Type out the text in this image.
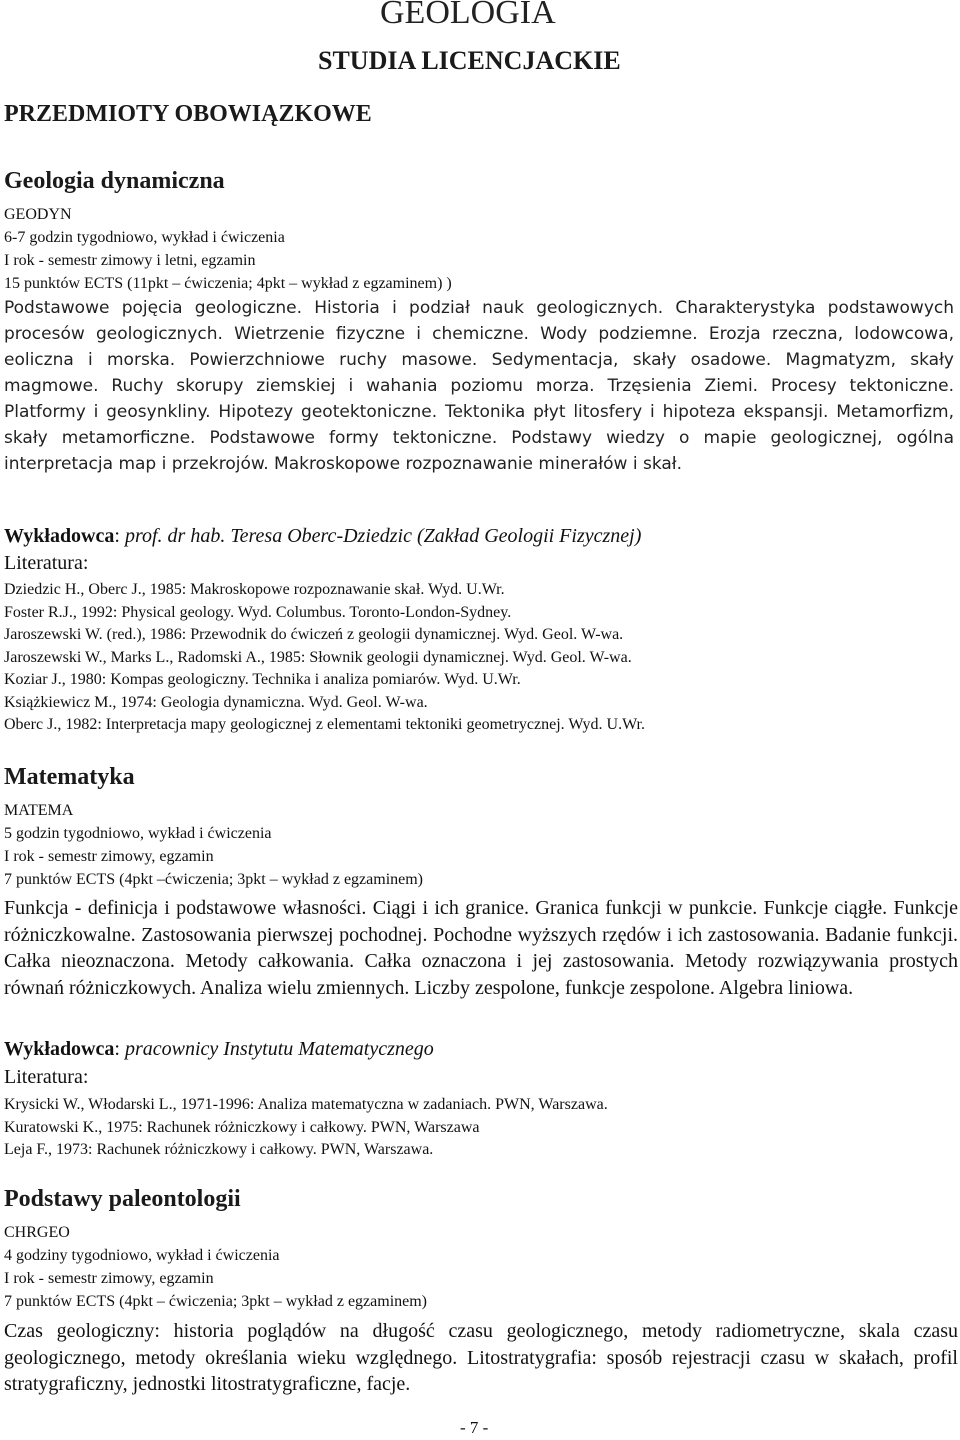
GEOLOGIA
STUDIA LICENCJACKIE
PRZEDMIOTY OBOWIĄZKOWE
Geologia dynamiczna
GEODYN
6-7 godzin tygodniowo, wykład i ćwiczenia
I rok - semestr zimowy i letni, egzamin
15 punktów ECTS (11pkt – ćwiczenia; 4pkt – wykład z egzaminem) )
Podstawowe pojęcia geologiczne. Historia i podział nauk geologicznych. Charakterystyka podstawowych procesów geologicznych. Wietrzenie fizyczne i chemiczne. Wody podziemne. Erozja rzeczna, lodowcowa, eoliczna i morska. Powierzchniowe ruchy masowe. Sedymentacja, skały osadowe. Magmatyzm, skały magmowe. Ruchy skorupy ziemskiej i wahania poziomu morza. Trzęsienia Ziemi. Procesy tektoniczne. Platformy i geosynkliny. Hipotezy geotektoniczne. Tektonika płyt litosfery i hipoteza ekspansji. Metamorfizm, skały metamorficzne. Podstawowe formy tektoniczne. Podstawy wiedzy o mapie geologicznej, ogólna interpretacja map i przekrojów. Makroskopowe rozpoznawanie minerałów i skał.
Wykładowca: prof. dr hab. Teresa Oberc-Dziedzic (Zakład Geologii Fizycznej)
Literatura:
Dziedzic H., Oberc J., 1985: Makroskopowe rozpoznawanie skał. Wyd. U.Wr.
Foster R.J., 1992: Physical geology. Wyd. Columbus. Toronto-London-Sydney.
Jaroszewski W. (red.), 1986: Przewodnik do ćwiczeń z geologii dynamicznej. Wyd. Geol. W-wa.
Jaroszewski W., Marks L., Radomski A., 1985: Słownik geologii dynamicznej. Wyd. Geol. W-wa.
Koziar J., 1980: Kompas geologiczny. Technika i analiza pomiarów. Wyd. U.Wr.
Książkiewicz M., 1974: Geologia dynamiczna. Wyd. Geol. W-wa.
Oberc J., 1982: Interpretacja mapy geologicznej z elementami tektoniki geometrycznej. Wyd. U.Wr.
Matematyka
MATEMA
5 godzin tygodniowo, wykład i ćwiczenia
I rok - semestr zimowy, egzamin
7 punktów ECTS (4pkt –ćwiczenia; 3pkt – wykład z egzaminem)
Funkcja - definicja i podstawowe własności. Ciągi i ich granice. Granica funkcji w punkcie. Funkcje ciągłe. Funkcje różniczkowalne. Zastosowania pierwszej pochodnej. Pochodne wyższych rzędów i ich zastosowania. Badanie funkcji. Całka nieoznaczona. Metody całkowania. Całka oznaczona i jej zastosowania. Metody rozwiązywania prostych równań różniczkowych. Analiza wielu zmiennych. Liczby zespolone, funkcje zespolone. Algebra liniowa.
Wykładowca: pracownicy Instytutu Matematycznego
Literatura:
Krysicki W., Włodarski L., 1971-1996: Analiza matematyczna w zadaniach. PWN, Warszawa.
Kuratowski K., 1975: Rachunek różniczkowy i całkowy. PWN, Warszawa
Leja F., 1973: Rachunek różniczkowy i całkowy. PWN, Warszawa.
Podstawy paleontologii
CHRGEO
4 godziny tygodniowo, wykład i ćwiczenia
I rok - semestr zimowy, egzamin
7 punktów ECTS (4pkt – ćwiczenia; 3pkt – wykład z egzaminem)
Czas geologiczny: historia poglądów na długość czasu geologicznego, metody radiometryczne, skala czasu geologicznego, metody określania wieku względnego. Litostratygrafia: sposób rejestracji czasu w skałach, profil stratygraficzny, jednostki litostratygraficzne, facje.
- 7 -
